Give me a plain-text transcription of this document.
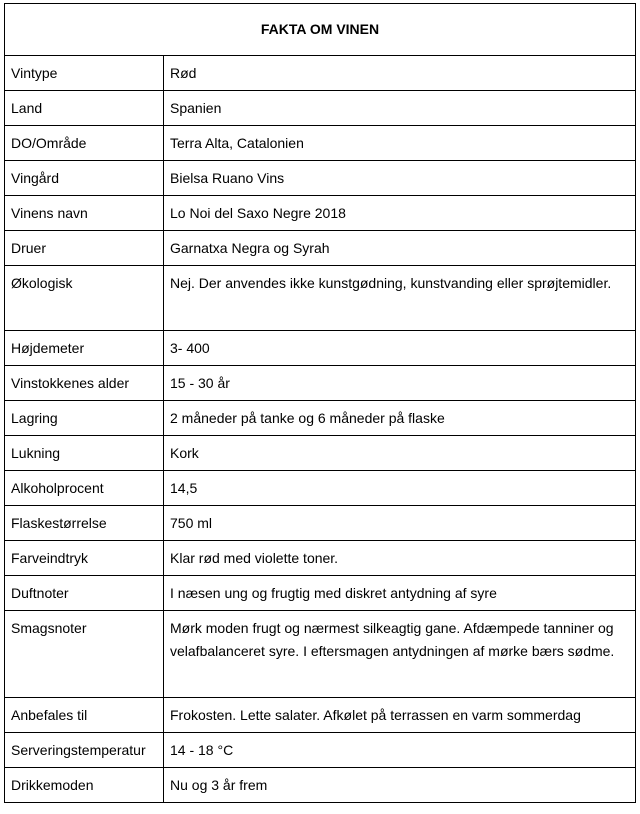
FAKTA OM VINEN	
Vintype	Rød
Land	Spanien
DO/Område	Terra Alta, Catalonien
Vingård	Bielsa Ruano Vins
Vinens navn	Lo Noi del Saxo Negre 2018
Druer	Garnatxa Negra og Syrah
Økologisk	Nej. Der anvendes ikke kunstgødning, kunstvanding eller sprøjtemidler.
Højdemeter	3- 400
Vinstokkenes alder	15 - 30 år
Lagring	2 måneder på tanke og 6 måneder på flaske
Lukning	Kork
Alkoholprocent	14,5
Flaskestørrelse	750 ml
Farveindtryk	Klar rød med violette toner.
Duftnoter	I næsen ung og frugtig med diskret antydning af syre
Smagsnoter	Mørk moden frugt og nærmest silkeagtig gane. Afdæmpede tanniner og velafbalanceret syre. I eftersmagen antydningen af mørke bærs sødme.
Anbefales til	Frokosten. Lette salater. Afkølet på terrassen en varm sommerdag
Serveringstemperatur	14 - 18 °C
Drikkemoden	Nu og 3 år frem
